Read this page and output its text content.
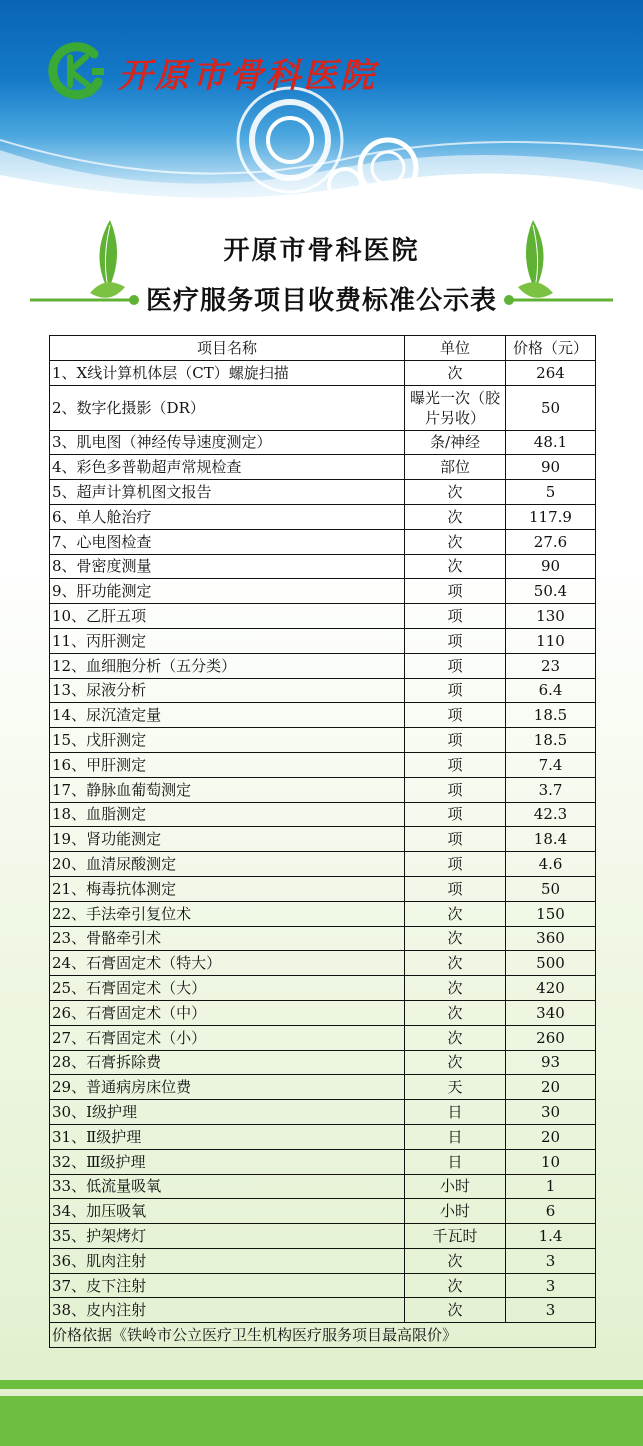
开原市骨科医院
开原市骨科医院
医疗服务项目收费标准公示表
项目名称	单位	价格（元）
1、X线计算机体层（CT）螺旋扫描	次	264
2、数字化摄影（DR）	曝光一次（胶片另收）	50
3、肌电图（神经传导速度测定）	条/神经	48.1
4、彩色多普勒超声常规检查	部位	90
5、超声计算机图文报告	次	5
6、单人舱治疗	次	117.9
7、心电图检查	次	27.6
8、骨密度测量	次	90
9、肝功能测定	项	50.4
10、乙肝五项	项	130
11、丙肝测定	项	110
12、血细胞分析（五分类）	项	23
13、尿液分析	项	6.4
14、尿沉渣定量	项	18.5
15、戊肝测定	项	18.5
16、甲肝测定	项	7.4
17、静脉血葡萄测定	项	3.7
18、血脂测定	项	42.3
19、肾功能测定	项	18.4
20、血清尿酸测定	项	4.6
21、梅毒抗体测定	项	50
22、手法牵引复位术	次	150
23、骨骼牵引术	次	360
24、石膏固定术（特大）	次	500
25、石膏固定术（大）	次	420
26、石膏固定术（中）	次	340
27、石膏固定术（小）	次	260
28、石膏拆除费	次	93
29、普通病房床位费	天	20
30、Ⅰ级护理	日	30
31、Ⅱ级护理	日	20
32、Ⅲ级护理	日	10
33、低流量吸氧	小时	1
34、加压吸氧	小时	6
35、护架烤灯	千瓦时	1.4
36、肌肉注射	次	3
37、皮下注射	次	3
38、皮内注射	次	3
价格依据《铁岭市公立医疗卫生机构医疗服务项目最高限价》		
